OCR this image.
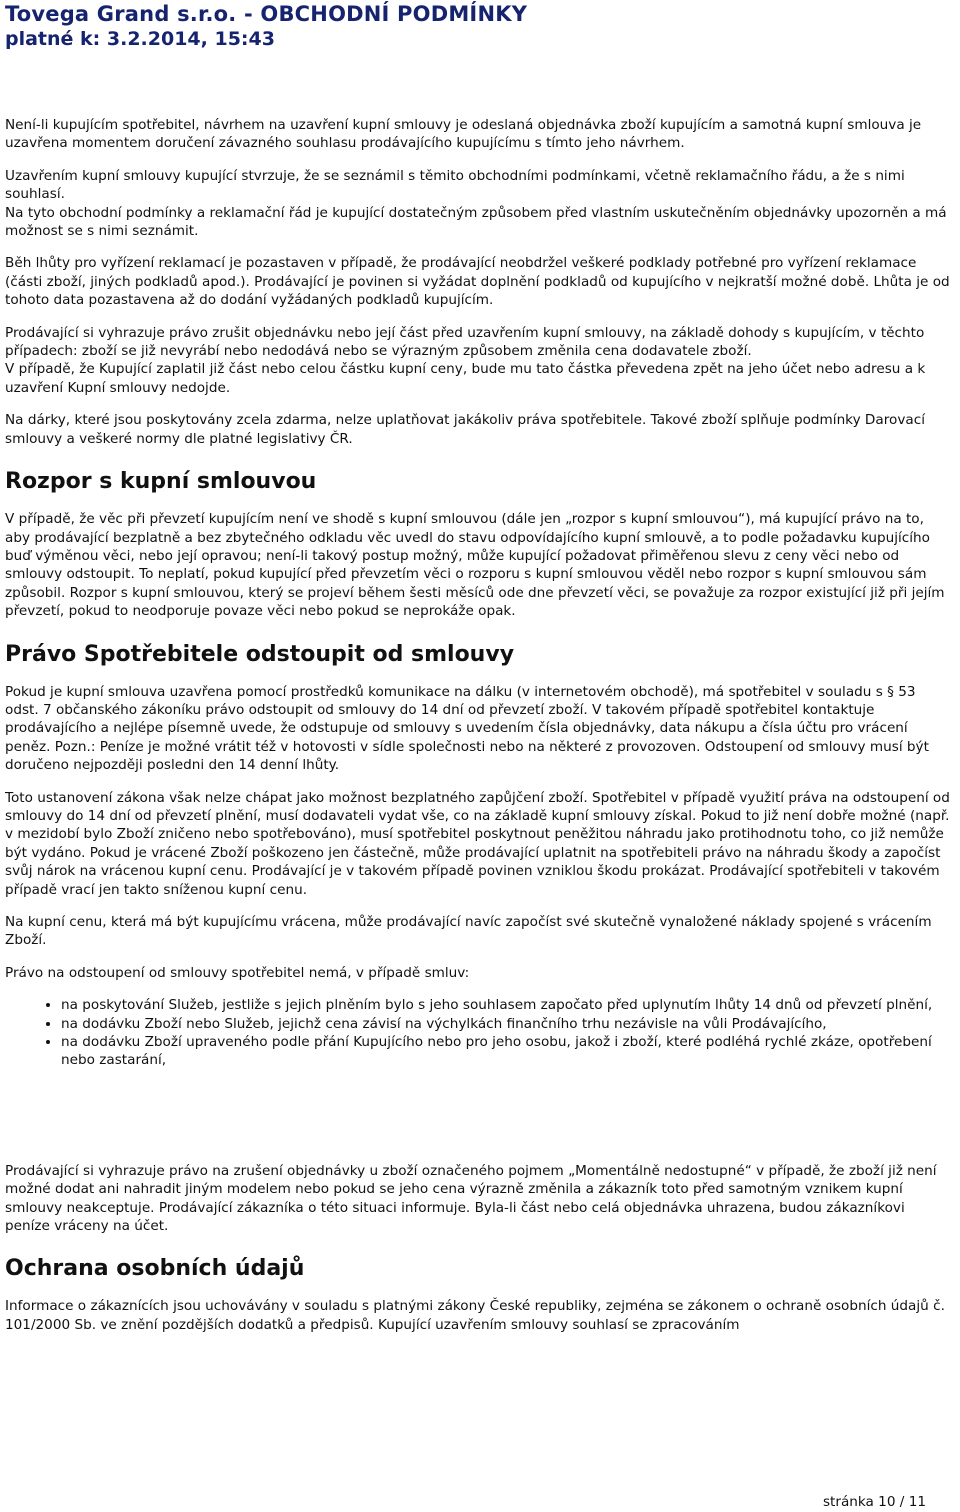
Tovega Grand s.r.o. - OBCHODNÍ PODMÍNKY
platné k: 3.2.2014, 15:43

Není-li kupujícím spotřebitel, návrhem na uzavření kupní smlouvy je odeslaná objednávka zboží kupujícím a samotná kupní smlouva je uzavřena momentem doručení závazného souhlasu prodávajícího kupujícímu s tímto jeho návrhem.

Uzavřením kupní smlouvy kupující stvrzuje, že se seznámil s těmito obchodními podmínkami, včetně reklamačního řádu, a že s nimi souhlasí.

Na tyto obchodní podmínky a reklamační řád je kupující dostatečným způsobem před vlastním uskutečněním objednávky upozorněn a má možnost se s nimi seznámit.

Běh lhůty pro vyřízení reklamací je pozastaven v případě, že prodávající neobdržel veškeré podklady potřebné pro vyřízení reklamace (části zboží, jiných podkladů apod.). Prodávající je povinen si vyžádat doplnění podkladů od kupujícího v nejkratší možné době. Lhůta je od tohoto data pozastavena až do dodání vyžádaných podkladů kupujícím.

Prodávající si vyhrazuje právo zrušit objednávku nebo její část před uzavřením kupní smlouvy, na základě dohody s kupujícím, v těchto případech: zboží se již nevyrábí nebo nedodává nebo se výrazným způsobem změnila cena dodavatele zboží.

V případě, že Kupující zaplatil již část nebo celou částku kupní ceny, bude mu tato částka převedena zpět na jeho účet nebo adresu a k uzavření Kupní smlouvy nedojde.

Na dárky, které jsou poskytovány zcela zdarma, nelze uplatňovat jakákoliv práva spotřebitele. Takové zboží splňuje podmínky Darovací smlouvy a veškeré normy dle platné legislativy ČR.

Rozpor s kupní smlouvou

V případě, že věc při převzetí kupujícím není ve shodě s kupní smlouvou (dále jen „rozpor s kupní smlouvou“), má kupující právo na to, aby prodávající bezplatně a bez zbytečného odkladu věc uvedl do stavu odpovídajícího kupní smlouvě, a to podle požadavku kupujícího buď výměnou věci, nebo její opravou; není-li takový postup možný, může kupující požadovat přiměřenou slevu z ceny věci nebo od smlouvy odstoupit. To neplatí, pokud kupující před převzetím věci o rozporu s kupní smlouvou věděl nebo rozpor s kupní smlouvou sám způsobil. Rozpor s kupní smlouvou, který se projeví během šesti měsíců ode dne převzetí věci, se považuje za rozpor existující již při jejím převzetí, pokud to neodporuje povaze věci nebo pokud se neprokáže opak.

Právo Spotřebitele odstoupit od smlouvy

Pokud je kupní smlouva uzavřena pomocí prostředků komunikace na dálku (v internetovém obchodě), má spotřebitel v souladu s § 53 odst. 7 občanského zákoníku právo odstoupit od smlouvy do 14 dní od převzetí zboží. V takovém případě spotřebitel kontaktuje prodávajícího a nejlépe písemně uvede, že odstupuje od smlouvy s uvedením čísla objednávky, data nákupu a čísla účtu pro vrácení peněz. Pozn.: Peníze je možné vrátit též v hotovosti v sídle společnosti nebo na některé z provozoven. Odstoupení od smlouvy musí být doručeno nejpozději posledni den 14 denní lhůty.

Toto ustanovení zákona však nelze chápat jako možnost bezplatného zapůjčení zboží. Spotřebitel v případě využití práva na odstoupení od smlouvy do 14 dní od převzetí plnění, musí dodavateli vydat vše, co na základě kupní smlouvy získal. Pokud to již není dobře možné (např. v mezidobí bylo Zboží zničeno nebo spotřebováno), musí spotřebitel poskytnout peněžitou náhradu jako protihodnotu toho, co již nemůže být vydáno. Pokud je vrácené Zboží poškozeno jen částečně, může prodávající uplatnit na spotřebiteli právo na náhradu škody a započíst svůj nárok na vrácenou kupní cenu. Prodávající je v takovém případě povinen vzniklou škodu prokázat. Prodávající spotřebiteli v takovém případě vrací jen takto sníženou kupní cenu.

Na kupní cenu, která má být kupujícímu vrácena, může prodávající navíc započíst své skutečně vynaložené náklady spojené s vrácením Zboží.

Právo na odstoupení od smlouvy spotřebitel nemá, v případě smluv:

• na poskytování Služeb, jestliže s jejich plněním bylo s jeho souhlasem započato před uplynutím lhůty 14 dnů od převzetí plnění,
• na dodávku Zboží nebo Služeb, jejichž cena závisí na výchylkách finančního trhu nezávisle na vůli Prodávajícího,
• na dodávku Zboží upraveného podle přání Kupujícího nebo pro jeho osobu, jakož i zboží, které podléhá rychlé zkáze, opotřebení nebo zastarání,

Prodávající si vyhrazuje právo na zrušení objednávky u zboží označeného pojmem „Momentálně nedostupné“ v případě, že zboží již není možné dodat ani nahradit jiným modelem nebo pokud se jeho cena výrazně změnila a zákazník toto před samotným vznikem kupní smlouvy neakceptuje. Prodávající zákazníka o této situaci informuje. Byla-li část nebo celá objednávka uhrazena, budou zákazníkovi peníze vráceny na účet.

Ochrana osobních údajů

Informace o zákaznících jsou uchovávány v souladu s platnými zákony České republiky, zejména se zákonem o ochraně osobních údajů č. 101/2000 Sb. ve znění pozdějších dodatků a předpisů. Kupující uzavřením smlouvy souhlasí se zpracováním

stránka 10 / 11
